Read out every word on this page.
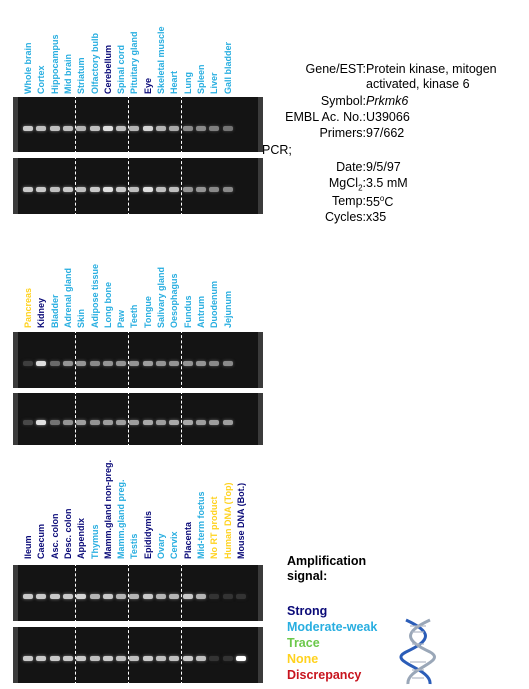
Whole brain Cortex Hippocampus Mid brain Striatum Olfactory bulb Cerebellum Spinal cord Pituitary gland Eye Skeletal muscle Heart Lung Spleen Liver Gall bladder
Pancreas Kidney Bladder Adrenal gland Skin Adipose tissue Long bone Paw Teeth Tongue Salivary gland Oesophagus Fundus Antrum Duodenum Jejunum
Ileum Caecum Asc. colon Desc. colon Appendix Thymus Mamm.gland non-preg. Mamm.gland preg. Testis Epididymis Ovary Cervix Placenta Mid-term foetus No RT product Human DNA (Top) Mouse DNA (Bot.)
Gene/EST: Protein kinase, mitogen
activated, kinase 6
Symbol: Prkmk6
EMBL Ac. No.: U39066
Primers: 97/662
PCR;
Date: 9/5/97
MgCl$_2$: 3.5 mM
Temp: 55$^o$C
Cycles: x35
Amplification
signal:
Strong
Moderate-weak
Trace
None
Discrepancy
